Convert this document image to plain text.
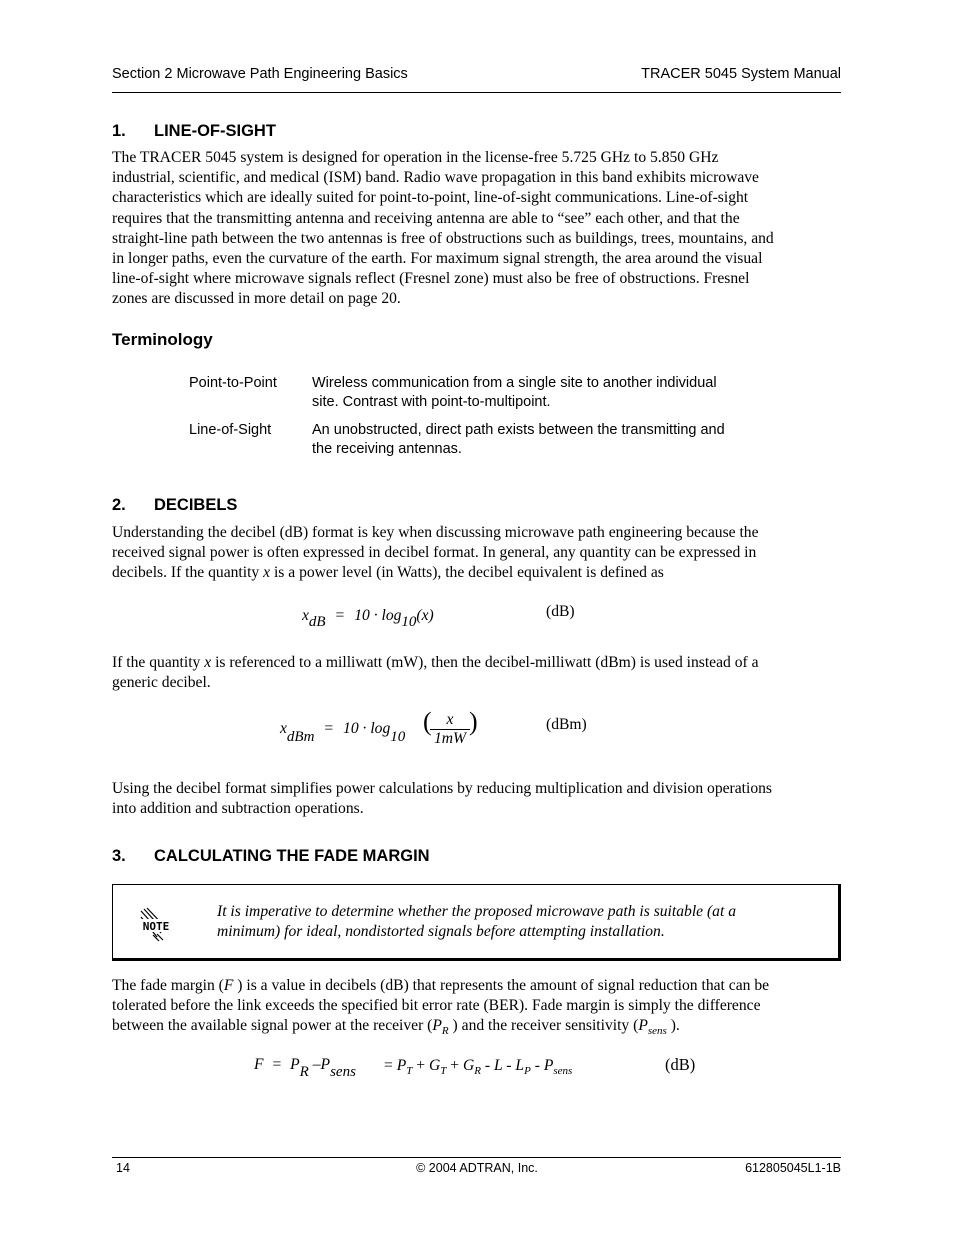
Section 2 Microwave Path Engineering Basics	TRACER 5045 System Manual
1. LINE-OF-SIGHT
The TRACER 5045 system is designed for operation in the license-free 5.725 GHz to 5.850 GHz
industrial, scientific, and medical (ISM) band. Radio wave propagation in this band exhibits microwave
characteristics which are ideally suited for point-to-point, line-of-sight communications. Line-of-sight
requires that the transmitting antenna and receiving antenna are able to “see” each other, and that the
straight-line path between the two antennas is free of obstructions such as buildings, trees, mountains, and
in longer paths, even the curvature of the earth. For maximum signal strength, the area around the visual
line-of-sight where microwave signals reflect (Fresnel zone) must also be free of obstructions. Fresnel
zones are discussed in more detail on page 20.
Terminology
Point-to-Point Wireless communication from a single site to another individual
site. Contrast with point-to-multipoint.
Line-of-Sight	An unobstructed, direct path exists between the transmitting and
the receiving antennas.
2. DECIBELS
Understanding the decibel (dB) format is key when discussing microwave path engineering because the
received signal power is often expressed in decibel format. In general, any quantity can be expressed in
decibels. If the quantity x is a power level (in Watts), the decibel equivalent is defined as
$x_{dB} = 10 \cdot \log_{10}(x)$	(dB)
If the quantity x is referenced to a milliwatt (mW), then the decibel-milliwatt (dBm) is used instead of a
generic decibel.
$x_{dBm} = 10 \cdot \log_{10}$
(
$\frac{x}{1mW}$ )	(dBm)
Using the decibel format simplifies power calculations by reducing multiplication and division operations
into addition and subtraction operations.
3. CALCULATING THE FADE MARGIN
NOTE
It is imperative to determine whether the proposed microwave path is suitable (at a
minimum) for ideal, nondistorted signals before attempting installation.
The fade margin (F ) is a value in decibels (dB) that represents the amount of signal reduction that can be
tolerated before the link exceeds the specified bit error rate (BER). Fade margin is simply the difference
between the available signal power at the receiver ($P_R$ ) and the receiver sensitivity ($P_{sens}$ ).
$F = P_R$ $-P_{sens} = P_T + G_T + G_R - L - L_P - P_{sens}$	(dB)
14	© 2004 ADTRAN, Inc.	612805045L1-1B
